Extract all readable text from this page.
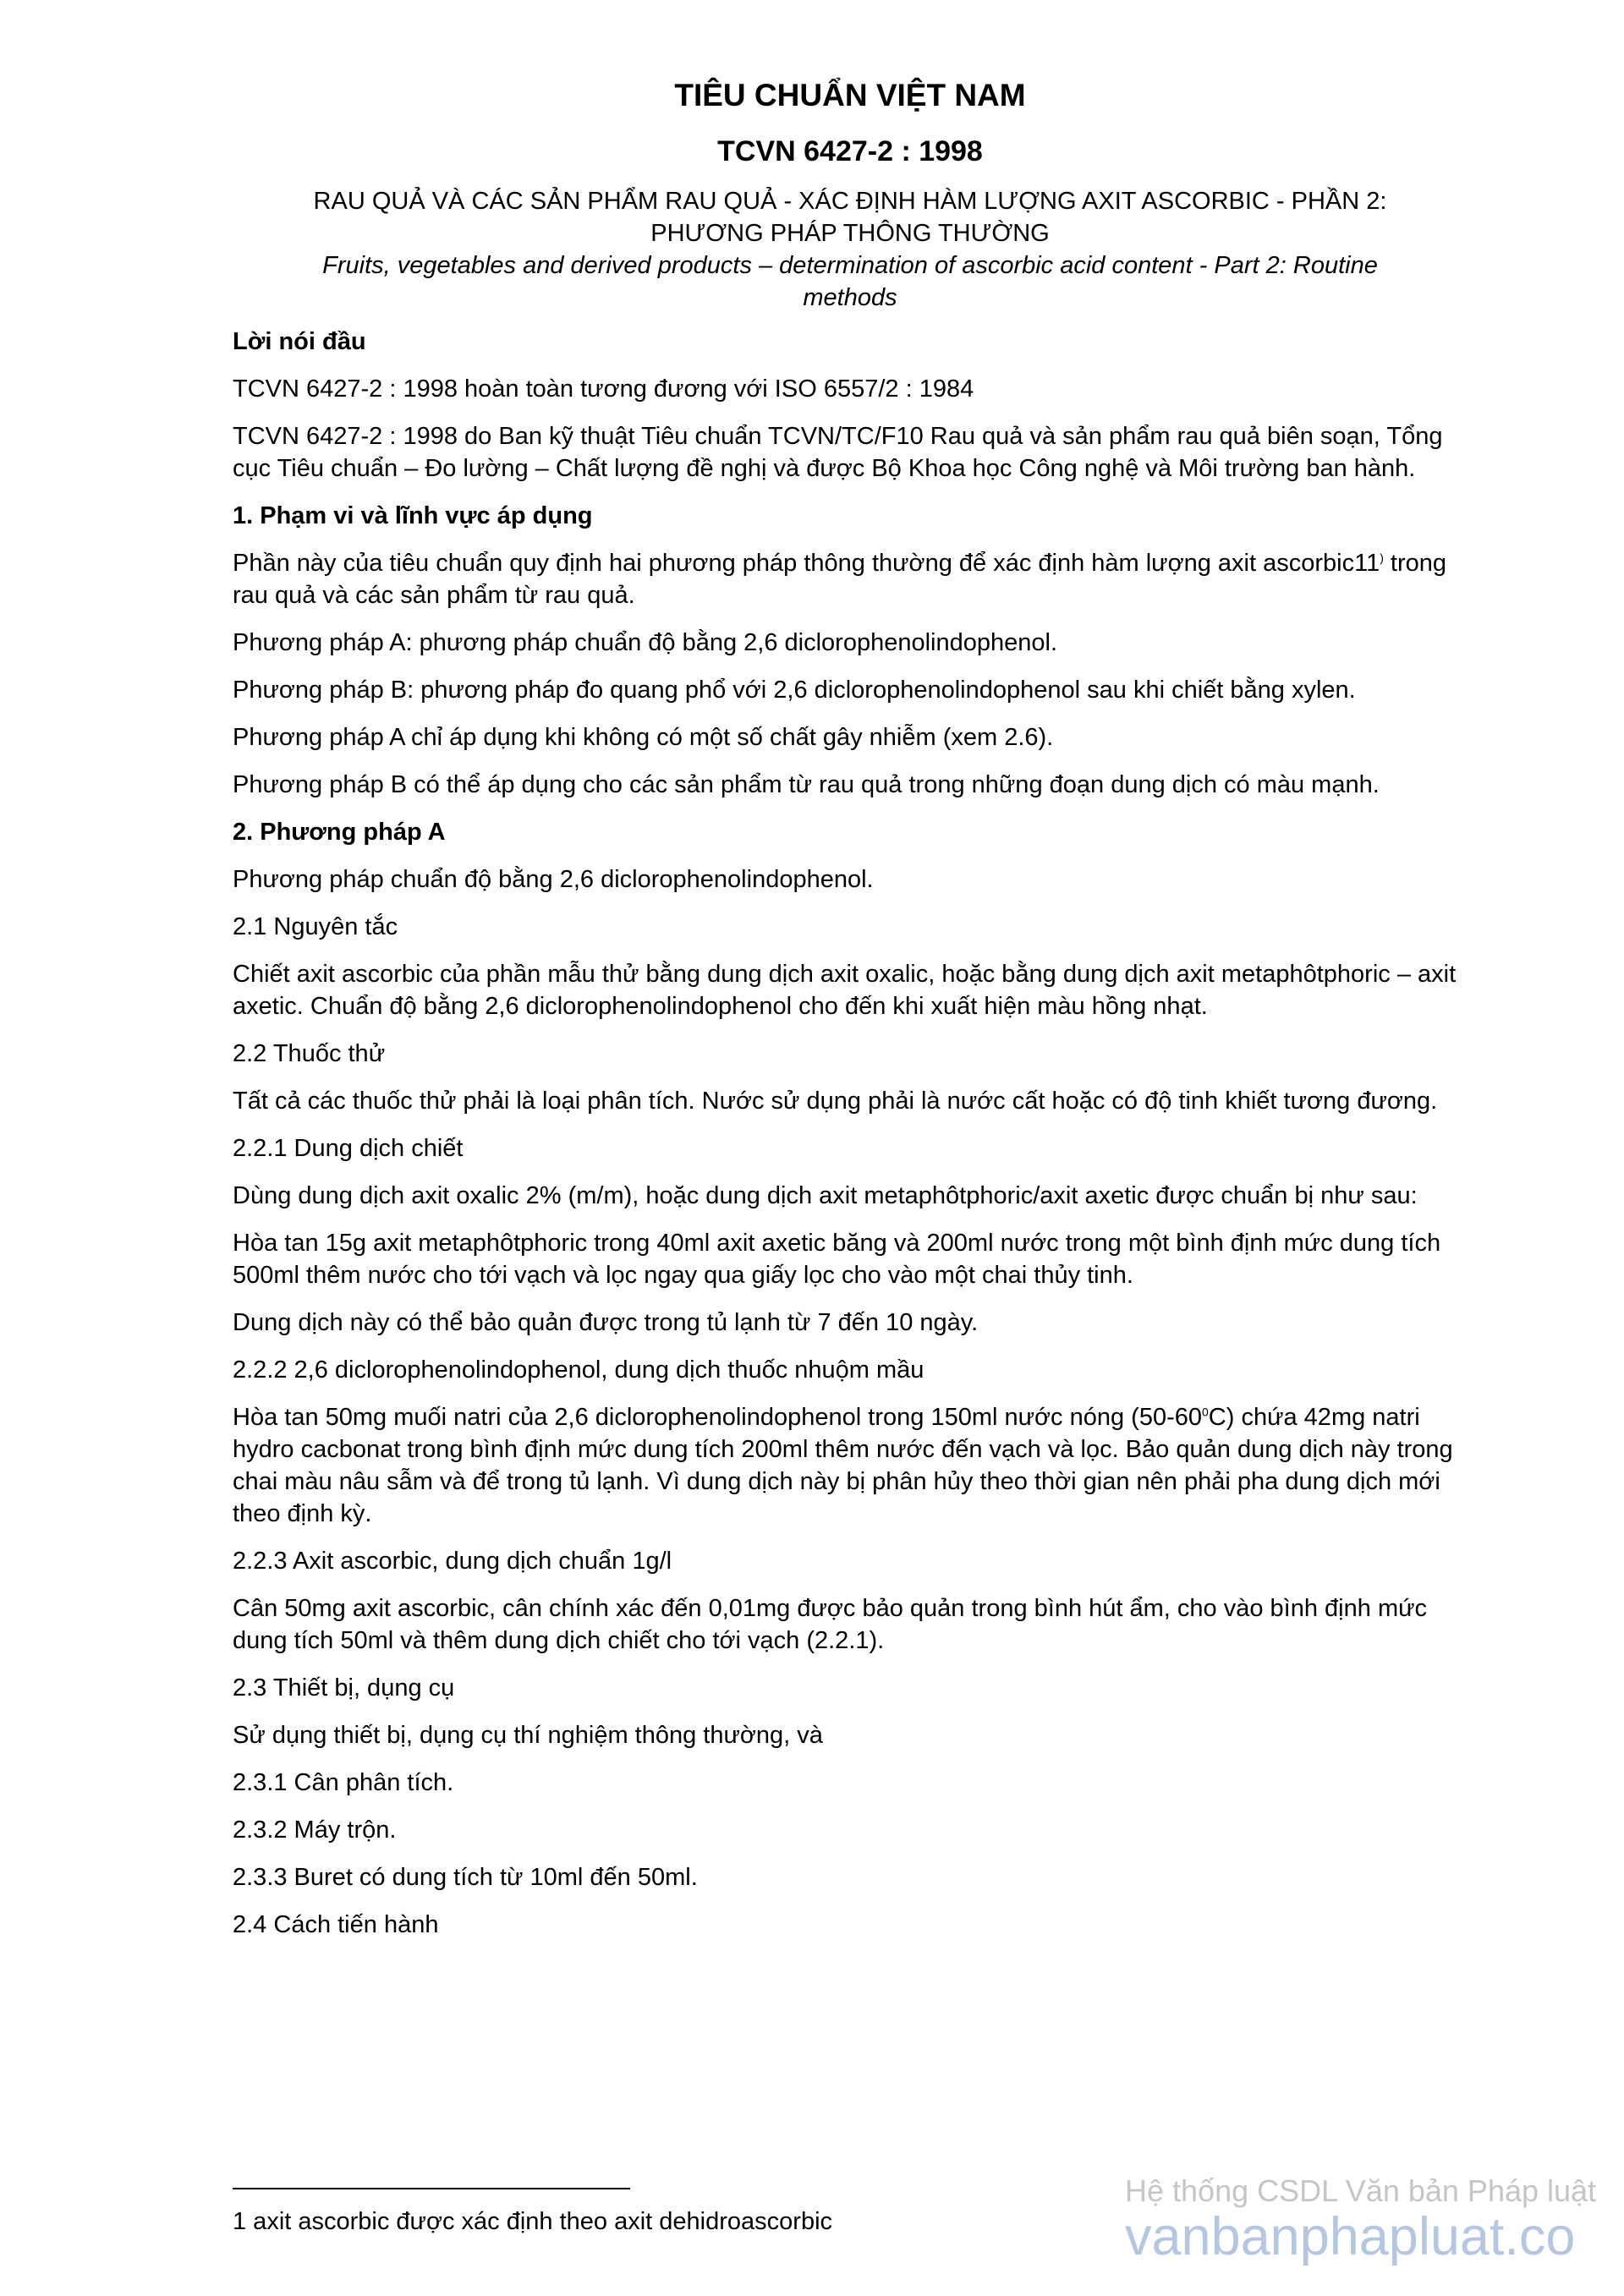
TIÊU CHUẨN VIỆT NAM
TCVN 6427-2 : 1998
RAU QUẢ VÀ CÁC SẢN PHẨM RAU QUẢ - XÁC ĐỊNH HÀM LƯỢNG AXIT ASCORBIC - PHẦN 2:
PHƯƠNG PHÁP THÔNG THƯỜNG
Fruits, vegetables and derived products – determination of ascorbic acid content - Part 2: Routine
methods
Lời nói đầu
TCVN 6427-2 : 1998 hoàn toàn tương đương với ISO 6557/2 : 1984
TCVN 6427-2 : 1998 do Ban kỹ thuật Tiêu chuẩn TCVN/TC/F10 Rau quả và sản phẩm rau quả biên soạn, Tổng cục Tiêu chuẩn – Đo lường – Chất lượng đề nghị và được Bộ Khoa học Công nghệ và Môi trường ban hành.
1. Phạm vi và lĩnh vực áp dụng
Phần này của tiêu chuẩn quy định hai phương pháp thông thường để xác định hàm lượng axit ascorbic11) trong rau quả và các sản phẩm từ rau quả.
Phương pháp A: phương pháp chuẩn độ bằng 2,6 diclorophenolindophenol.
Phương pháp B: phương pháp đo quang phổ với 2,6 diclorophenolindophenol sau khi chiết bằng xylen.
Phương pháp A chỉ áp dụng khi không có một số chất gây nhiễm (xem 2.6).
Phương pháp B có thể áp dụng cho các sản phẩm từ rau quả trong những đoạn dung dịch có màu mạnh.
2. Phương pháp A
Phương pháp chuẩn độ bằng 2,6 diclorophenolindophenol.
2.1 Nguyên tắc
Chiết axit ascorbic của phần mẫu thử bằng dung dịch axit oxalic, hoặc bằng dung dịch axit metaphôtphoric – axit axetic. Chuẩn độ bằng 2,6 diclorophenolindophenol cho đến khi xuất hiện màu hồng nhạt.
2.2 Thuốc thử
Tất cả các thuốc thử phải là loại phân tích. Nước sử dụng phải là nước cất hoặc có độ tinh khiết tương đương.
2.2.1 Dung dịch chiết
Dùng dung dịch axit oxalic 2% (m/m), hoặc dung dịch axit metaphôtphoric/axit axetic được chuẩn bị như sau:
Hòa tan 15g axit metaphôtphoric trong 40ml axit axetic băng và 200ml nước trong một bình định mức dung tích 500ml thêm nước cho tới vạch và lọc ngay qua giấy lọc cho vào một chai thủy tinh.
Dung dịch này có thể bảo quản được trong tủ lạnh từ 7 đến 10 ngày.
2.2.2 2,6 diclorophenolindophenol, dung dịch thuốc nhuộm mầu
Hòa tan 50mg muối natri của 2,6 diclorophenolindophenol trong 150ml nước nóng $(50-60^0C)$ chứa 42mg natri hydro cacbonat trong bình định mức dung tích 200ml thêm nước đến vạch và lọc. Bảo quản dung dịch này trong chai màu nâu sẫm và để trong tủ lạnh. Vì dung dịch này bị phân hủy theo thời gian nên phải pha dung dịch mới theo định kỳ.
2.2.3 Axit ascorbic, dung dịch chuẩn 1g/l
Cân 50mg axit ascorbic, cân chính xác đến 0,01mg được bảo quản trong bình hút ẩm, cho vào bình định mức dung tích 50ml và thêm dung dịch chiết cho tới vạch (2.2.1).
2.3 Thiết bị, dụng cụ
Sử dụng thiết bị, dụng cụ thí nghiệm thông thường, và
2.3.1 Cân phân tích.
2.3.2 Máy trộn.
2.3.3 Buret có dung tích từ 10ml đến 50ml.
2.4 Cách tiến hành
1 axit ascorbic được xác định theo axit dehidroascorbic
Hệ thống CSDL Văn bản Pháp luật
vanbanphapluat.co
